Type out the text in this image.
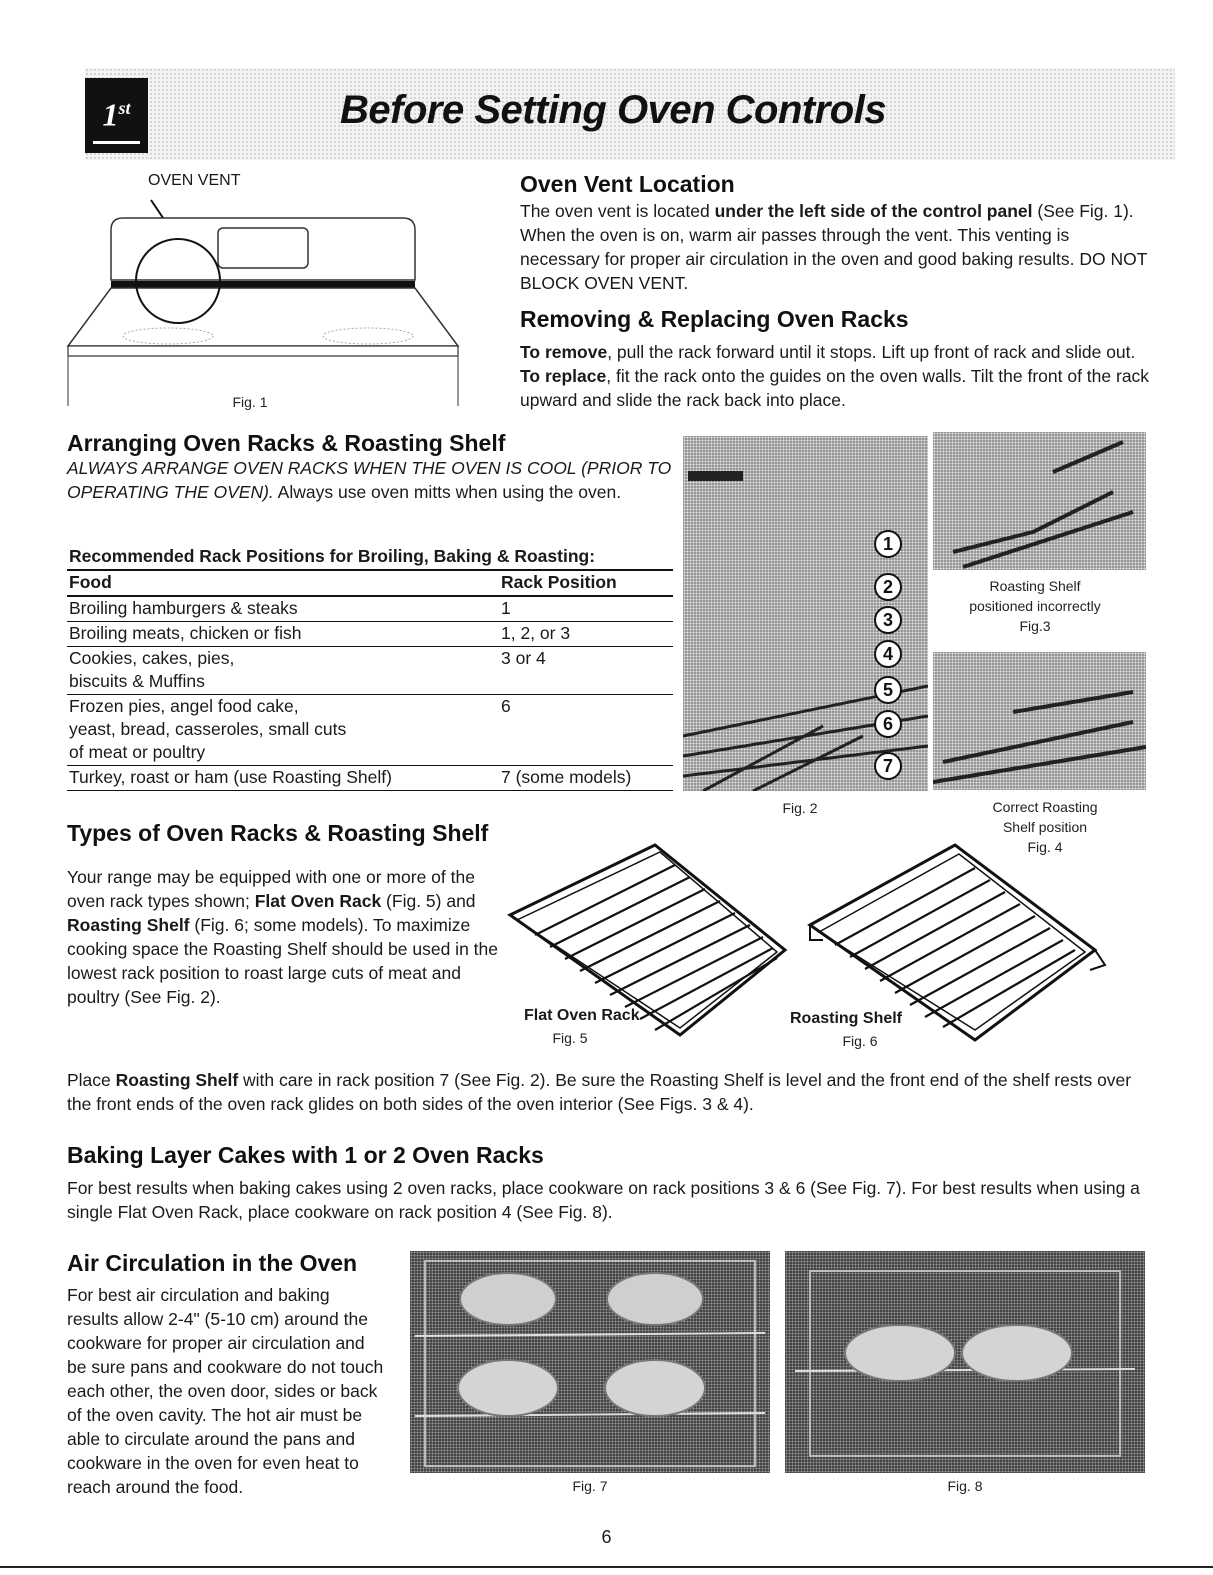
1st	Before Setting Oven Controls
OVEN VENT
Fig. 1
Oven Vent Location

The oven vent is located under the left side of the control panel (See Fig. 1). When the oven is on, warm air passes through the vent. This venting is necessary for proper air circulation in the oven and good baking results. DO NOT BLOCK OVEN VENT.

Removing & Replacing Oven Racks

To remove, pull the rack forward until it stops. Lift up front of rack and slide out. To replace, fit the rack onto the guides on the oven walls. Tilt the front of the rack upward and slide the rack back into place.

Arranging Oven Racks & Roasting Shelf

ALWAYS ARRANGE OVEN RACKS WHEN THE OVEN IS COOL (PRIOR TO OPERATING THE OVEN). Always use oven mitts when using the oven.

Recommended Rack Positions for Broiling, Baking & Roasting:	
Food	Rack Position
Broiling hamburgers & steaks	1
Broiling meats, chicken or fish	1, 2, or 3
Cookies, cakes, pies, biscuits & Muffins	3 or 4
Frozen pies, angel food cake, yeast, bread, casseroles, small cuts of meat or poultry	6
Turkey, roast or ham (use Roasting Shelf)	7 (some models)
1
2
3
4
5
6
7
Fig. 2
Roasting Shelf
positioned incorrectly
Fig.3
Correct Roasting
Shelf position
Fig. 4
Types of Oven Racks & Roasting Shelf

Your range may be equipped with one or more of the oven rack types shown; Flat Oven Rack (Fig. 5) and Roasting Shelf (Fig. 6; some models). To maximize cooking space the Roasting Shelf should be used in the lowest rack position to roast large cuts of meat and poultry (See Fig. 2).

Flat Oven Rack
Fig. 5
Roasting Shelf
Fig. 6

Place Roasting Shelf with care in rack position 7 (See Fig. 2). Be sure the Roasting Shelf is level and the front end of the shelf rests over the front ends of the oven rack glides on both sides of the oven interior (See Figs. 3 & 4).

Baking Layer Cakes with 1 or 2 Oven Racks

For best results when baking cakes using 2 oven racks, place cookware on rack positions 3 & 6 (See Fig. 7). For best results when using a single Flat Oven Rack, place cookware on rack position 4 (See Fig. 8).

Air Circulation in the Oven

For best air circulation and baking results allow 2-4" (5-10 cm) around the cookware for proper air circulation and be sure pans and cookware do not touch each other, the oven door, sides or back of the oven cavity. The hot air must be able to circulate around the pans and cookware in the oven for even heat to reach around the food.	Fig. 7	Fig. 8
6
